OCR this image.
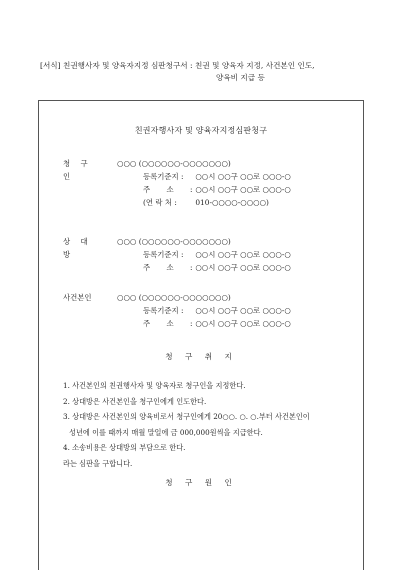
[서식] 친권행사자 및 양육자지정 심판청구서 : 친권 및 양육자 지정, 사건본인 인도,
양육비 지급 등
친권자행사자 및 양육자지정심판청구
청 구 인
○○○ (○○○○○○-○○○○○○○)
등록기준지 : ○○시 ○○구 ○○로 ○○○-○
주 소 : ○○시 ○○구 ○○로 ○○○-○
(연 락 처 :	010-○○○○-○○○○)
상 대 방
○○○ (○○○○○○-○○○○○○○)
등록기준지 : ○○시 ○○구 ○○로 ○○○-○
주 소 : ○○시 ○○구 ○○로 ○○○-○
사건본인	○○○ (○○○○○○-○○○○○○○)
등록기준지 : ○○시 ○○구 ○○로 ○○○-○
주 소 : ○○시 ○○구 ○○로 ○○○-○
청 구 취 지
1. 사건본인의 친권행사자 및 양육자로 청구인을 지정한다.
2. 상대방은 사건본인을 청구인에게 인도한다.
3. 상대방은 사건본인의 양육비로서 청구인에게 20○○. ○. ○.부터 사건본인이
성년에 이를 때까지 매월 말일에 금 000,000원씩을 지급한다.
4. 소송비용은 상대방의 부담으로 한다.
라는 심판을 구합니다.
청 구 원 인
